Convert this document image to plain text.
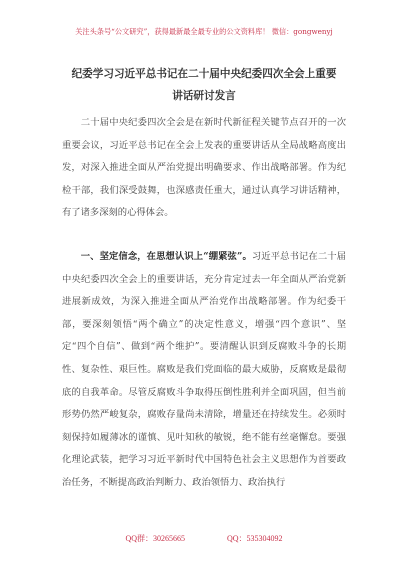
关注头条号“公文研究”，获得最新最全最专业的公文资料库！ 微信：gongwenyj
纪委学习习近平总书记在二十届中央纪委四次全会上重要
讲话研讨发言
二十届中央纪委四次全会是在新时代新征程关键节点召开的一次重要会议，习近平总书记在全会上发表的重要讲话从全局战略高度出发，对深入推进全面从严治党提出明确要求、作出战略部署。作为纪检干部，我们深受鼓舞，也深感责任重大，通过认真学习讲话精神，有了诸多深刻的心得体会。
一、坚定信念，在思想认识上“绷紧弦”。习近平总书记在二十届中央纪委四次全会上的重要讲话，充分肯定过去一年全面从严治党新进展新成效，为深入推进全面从严治党作出战略部署。作为纪委干部，要深刻领悟“两个确立”的决定性意义，增强“四个意识”、坚定“四个自信”、做到“两个维护”。要清醒认识到反腐败斗争的长期性、复杂性、艰巨性。腐败是我们党面临的最大威胁，反腐败是最彻底的自我革命。尽管反腐败斗争取得压倒性胜利并全面巩固，但当前形势仍然严峻复杂，腐败存量尚未清除，增量还在持续发生。必须时刻保持如履薄冰的谨慎、见叶知秋的敏锐，绝不能有丝毫懈怠。要强化理论武装，把学习习近平新时代中国特色社会主义思想作为首要政治任务，不断提高政治判断力、政治领悟力、政治执行
QQ群：30265665	QQ：535304092
